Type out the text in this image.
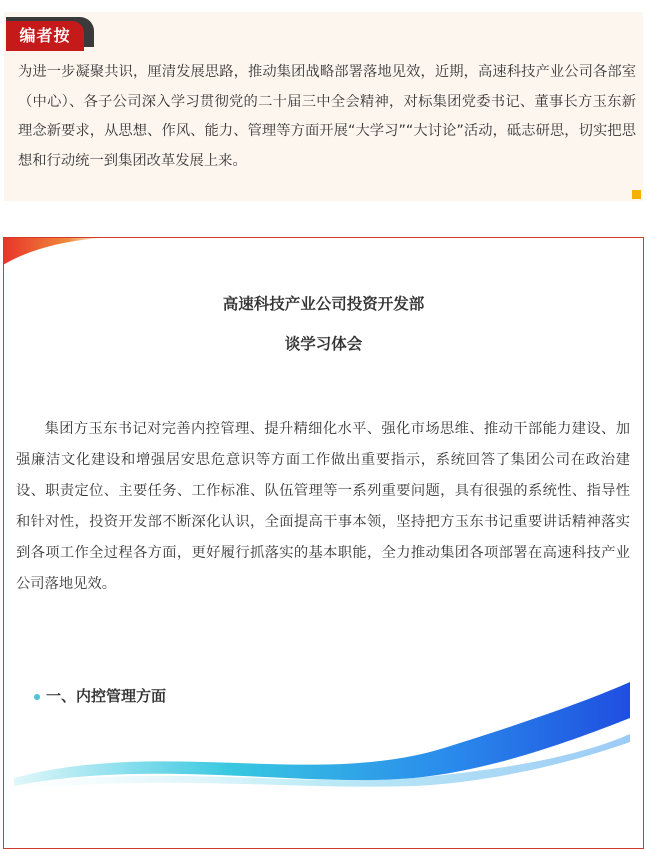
编者按

为进一步凝聚共识，厘清发展思路，推动集团战略部署落地见效，近期，高速科技产业公司各部室（中心）、各子公司深入学习贯彻党的二十届三中全会精神，对标集团党委书记、董事长方玉东新理念新要求，从思想、作风、能力、管理等方面开展“大学习”“大讨论”活动，砥志研思，切实把思想和行动统一到集团改革发展上来。

高速科技产业公司投资开发部
谈学习体会

集团方玉东书记对完善内控管理、提升精细化水平、强化市场思维、推动干部能力建设、加强廉洁文化建设和增强居安思危意识等方面工作做出重要指示，系统回答了集团公司在政治建设、职责定位、主要任务、工作标准、队伍管理等一系列重要问题，具有很强的系统性、指导性和针对性，投资开发部不断深化认识，全面提高干事本领，坚持把方玉东书记重要讲话精神落实到各项工作全过程各方面，更好履行抓落实的基本职能，全力推动集团各项部署在高速科技产业公司落地见效。

一、内控管理方面
